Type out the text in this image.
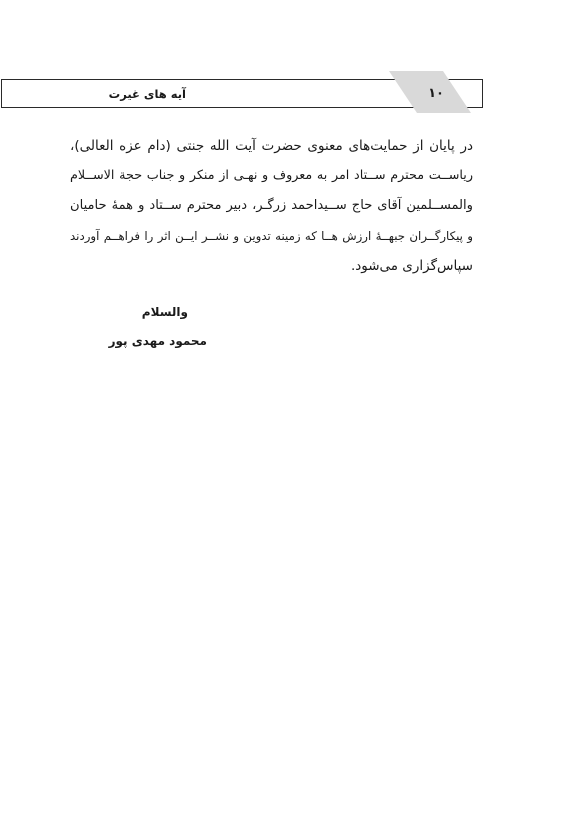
آیه های غیرت	۱۰
در پایان از حمایت‌های معنوی حضرت آیت الله جنتی (دام عزه العالی)،
ریاســت محترم ســتاد امر به معروف و نهـی از منکر و جناب حجة الاســلام
والمســلمین آقای حاج ســیداحمد زرگـر، دبیر محترم ســتاد و همهٔ حامیان
و پیکارگــران جبهــهٔ ارزش هــا که زمینه تدوین و نشــر ایــن اثر را فراهــم آوردند
سپاس‌گزاری می‌شود.
والسلام
محمود مهدی پور
